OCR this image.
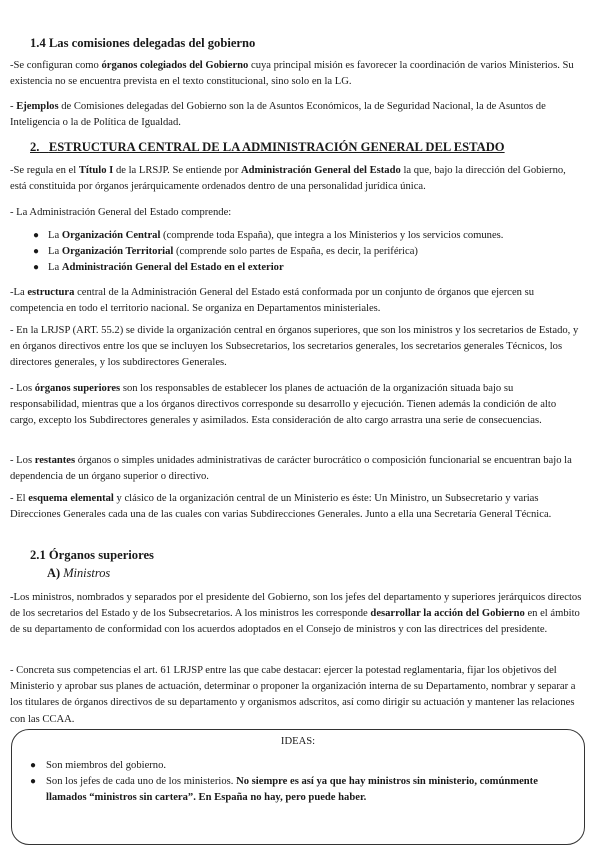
1.4 Las comisiones delegadas del gobierno

-Se configuran como órganos colegiados del Gobierno cuya principal misión es favorecer la coordinación de varios Ministerios. Su existencia no se encuentra prevista en el texto constitucional, sino solo en la LG.

- Ejemplos de Comisiones delegadas del Gobierno son la de Asuntos Económicos, la de Seguridad Nacional, la de Asuntos de Inteligencia o la de Política de Igualdad.

2. ESTRUCTURA CENTRAL DE LA ADMINISTRACIÓN GENERAL DEL ESTADO

-Se regula en el Título I de la LRSJP. Se entiende por Administración General del Estado la que, bajo la dirección del Gobierno, está constituida por órganos jerárquicamente ordenados dentro de una personalidad jurídica única.

- La Administración General del Estado comprende:

● La Organización Central (comprende toda España), que integra a los Ministerios y los servicios comunes.
● La Organización Territorial (comprende solo partes de España, es decir, la periférica)
● La Administración General del Estado en el exterior

-La estructura central de la Administración General del Estado está conformada por un conjunto de órganos que ejercen su competencia en todo el territorio nacional. Se organiza en Departamentos ministeriales.

- En la LRJSP (ART. 55.2) se divide la organización central en órganos superiores, que son los ministros y los secretarios de Estado, y en órganos directivos entre los que se incluyen los Subsecretarios, los secretarios generales, los secretarios generales Técnicos, los directores generales, y los subdirectores Generales.

- Los órganos superiores son los responsables de establecer los planes de actuación de la organización situada bajo su responsabilidad, mientras que a los órganos directivos corresponde su desarrollo y ejecución. Tienen además la condición de alto cargo, excepto los Subdirectores generales y asimilados. Esta consideración de alto cargo arrastra una serie de consecuencias.

- Los restantes órganos o simples unidades administrativas de carácter burocrático o composición funcionarial se encuentran bajo la dependencia de un órgano superior o directivo.

- El esquema elemental y clásico de la organización central de un Ministerio es éste: Un Ministro, un Subsecretario y varias Direcciones Generales cada una de las cuales con varias Subdirecciones Generales. Junto a ella una Secretaría General Técnica.

2.1 Órganos superiores
A) Ministros

-Los ministros, nombrados y separados por el presidente del Gobierno, son los jefes del departamento y superiores jerárquicos directos de los secretarios del Estado y de los Subsecretarios. A los ministros les corresponde desarrollar la acción del Gobierno en el ámbito de su departamento de conformidad con los acuerdos adoptados en el Consejo de ministros y con las directrices del presidente.

- Concreta sus competencias el art. 61 LRJSP entre las que cabe destacar: ejercer la potestad reglamentaria, fijar los objetivos del Ministerio y aprobar sus planes de actuación, determinar o proponer la organización interna de su Departamento, nombrar y separar a los titulares de órganos directivos de su departamento y organismos adscritos, así como dirigir su actuación y mantener las relaciones con las CCAA.

IDEAS:
● Son miembros del gobierno.
● Son los jefes de cada uno de los ministerios. No siempre es así ya que hay ministros sin ministerio, comúnmente llamados “ministros sin cartera”. En España no hay, pero puede haber.
